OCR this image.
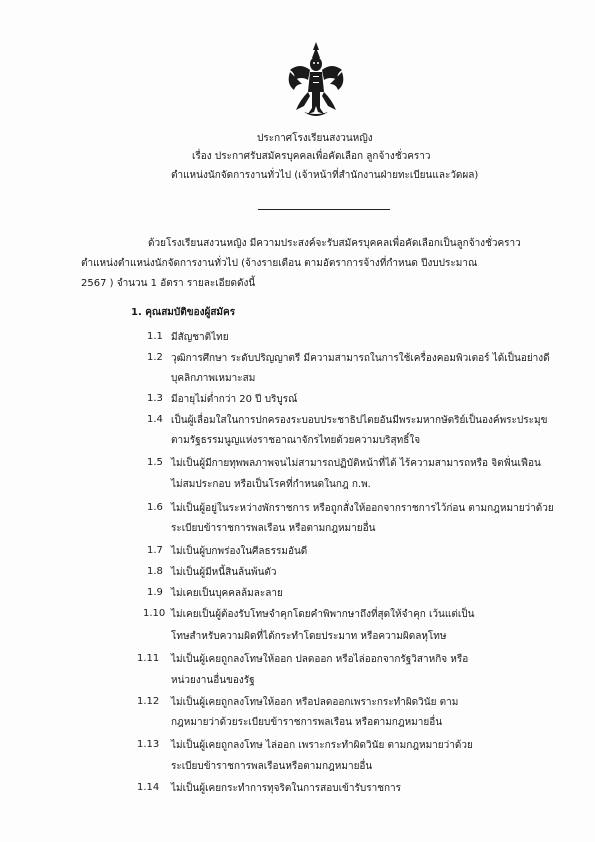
ประกาศโรงเรียนสงวนหญิง
เรื่อง ประกาศรับสมัครบุคคลเพื่อคัดเลือก ลูกจ้างชั่วคราว
ตำแหน่งนักจัดการงานทั่วไป (เจ้าหน้าที่สำนักงานฝ่ายทะเบียนและวัดผล)
ด้วยโรงเรียนสงวนหญิง มีความประสงค์จะรับสมัครบุคคลเพื่อคัดเลือกเป็นลูกจ้างชั่วคราว
ตำแหน่งตำแหน่งนักจัดการงานทั่วไป (จ้างรายเดือน ตามอัตราการจ้างที่กำหนด ปีงบประมาณ
2567 ) จำนวน 1 อัตรา รายละเอียดดังนี้
1. คุณสมบัติของผู้สมัคร
1.1 มีสัญชาติไทย
1.2 วุฒิการศึกษา ระดับปริญญาตรี มีความสามารถในการใช้เครื่องคอมพิวเตอร์ ได้เป็นอย่างดี
บุคลิกภาพเหมาะสม
1.3 มีอายุไม่ต่ำกว่า 20 ปี บริบูรณ์
1.4 เป็นผู้เลื่อมใสในการปกครองระบอบประชาธิปไตยอันมีพระมหากษัตริย์เป็นองค์พระประมุข
ตามรัฐธรรมนูญแห่งราชอาณาจักรไทยด้วยความบริสุทธิ์ใจ
1.5 ไม่เป็นผู้มีกายทุพพลภาพจนไม่สามารถปฏิบัติหน้าที่ได้ ไร้ความสามารถหรือ จิตฟั่นเฟือน
ไม่สมประกอบ หรือเป็นโรคที่กำหนดในกฎ ก.พ.
1.6 ไม่เป็นผู้อยู่ในระหว่างพักราชการ หรือถูกสั่งให้ออกจากราชการไว้ก่อน ตามกฎหมายว่าด้วย
ระเบียบข้าราชการพลเรือน หรือตามกฎหมายอื่น
1.7 ไม่เป็นผู้บกพร่องในศีลธรรมอันดี
1.8 ไม่เป็นผู้มีหนี้สินล้นพ้นตัว
1.9 ไม่เคยเป็นบุคคลล้มละลาย
1.10 ไม่เคยเป็นผู้ต้องรับโทษจำคุกโดยคำพิพากษาถึงที่สุดให้จำคุก เว้นแต่เป็น
โทษสำหรับความผิดที่ได้กระทำโดยประมาท หรือความผิดลหุโทษ
1.11 ไม่เป็นผู้เคยถูกลงโทษให้ออก ปลดออก หรือไล่ออกจากรัฐวิสาหกิจ หรือ
หน่วยงานอื่นของรัฐ
1.12 ไม่เป็นผู้เคยถูกลงโทษให้ออก หรือปลดออกเพราะกระทำผิดวินัย ตาม
กฎหมายว่าด้วยระเบียบข้าราชการพลเรือน หรือตามกฎหมายอื่น
1.13 ไม่เป็นผู้เคยถูกลงโทษ ไล่ออก เพราะกระทำผิดวินัย ตามกฎหมายว่าด้วย
ระเบียบข้าราชการพลเรือนหรือตามกฎหมายอื่น
1.14 ไม่เป็นผู้เคยกระทำการทุจริตในการสอบเข้ารับราชการ
